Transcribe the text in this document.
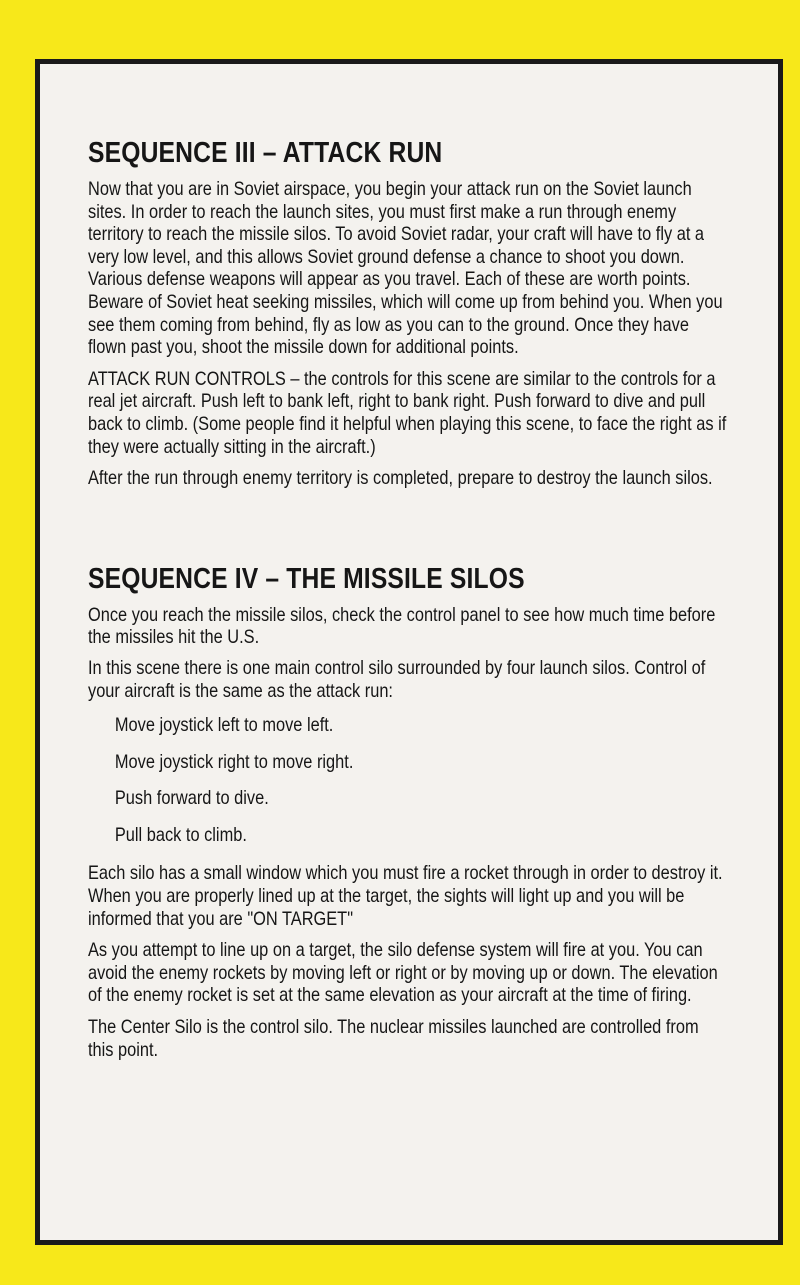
SEQUENCE III – ATTACK RUN

Now that you are in Soviet airspace, you begin your attack run on the Soviet launch sites. In order to reach the launch sites, you must first make a run through enemy territory to reach the missile silos. To avoid Soviet radar, your craft will have to fly at a very low level, and this allows Soviet ground defense a chance to shoot you down. Various defense weapons will appear as you travel. Each of these are worth points. Beware of Soviet heat seeking missiles, which will come up from behind you. When you see them coming from behind, fly as low as you can to the ground. Once they have flown past you, shoot the missile down for additional points.

ATTACK RUN CONTROLS – the controls for this scene are similar to the controls for a real jet aircraft. Push left to bank left, right to bank right. Push forward to dive and pull back to climb. (Some people find it helpful when playing this scene, to face the right as if they were actually sitting in the aircraft.)

After the run through enemy territory is completed, prepare to destroy the launch silos.

SEQUENCE IV – THE MISSILE SILOS

Once you reach the missile silos, check the control panel to see how much time before the missiles hit the U.S.

In this scene there is one main control silo surrounded by four launch silos. Control of your aircraft is the same as the attack run:

Move joystick left to move left.

Move joystick right to move right.

Push forward to dive.

Pull back to climb.

Each silo has a small window which you must fire a rocket through in order to destroy it. When you are properly lined up at the target, the sights will light up and you will be informed that you are "ON TARGET"

As you attempt to line up on a target, the silo defense system will fire at you. You can avoid the enemy rockets by moving left or right or by moving up or down. The elevation of the enemy rocket is set at the same elevation as your aircraft at the time of firing.

The Center Silo is the control silo. The nuclear missiles launched are controlled from this point.
